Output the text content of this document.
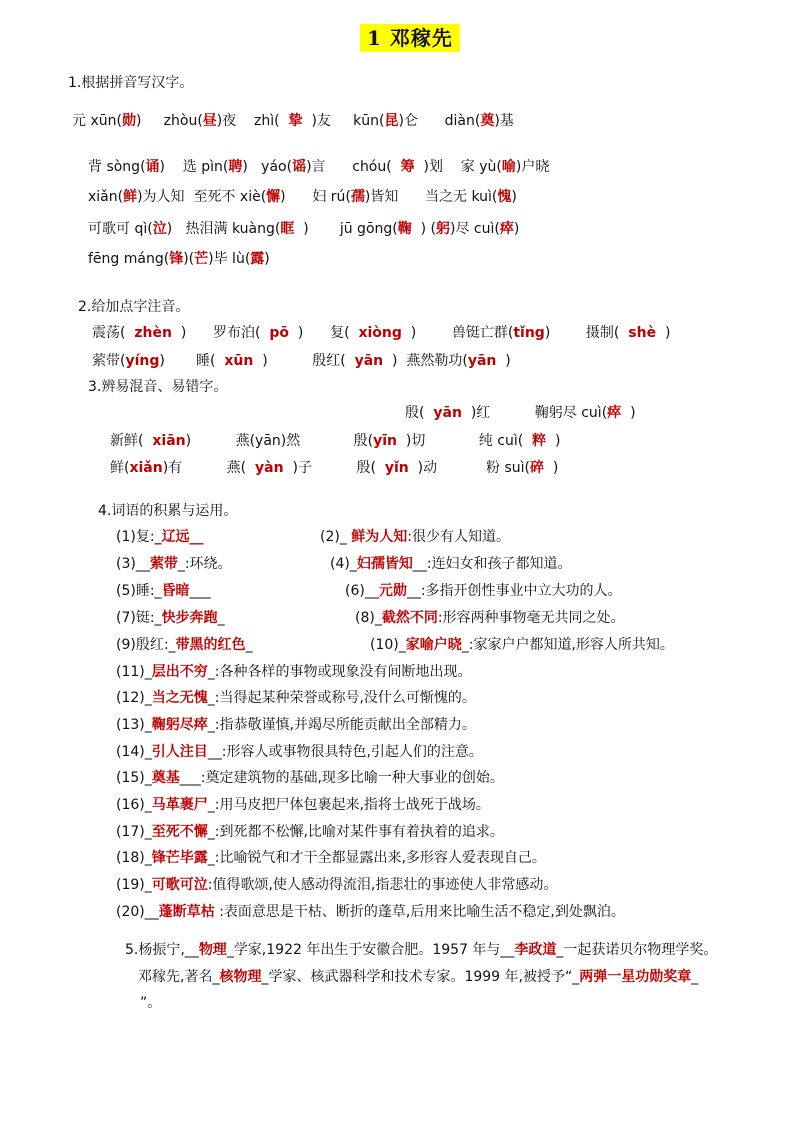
1 邓稼先
1.根据拼音写汉字。
元 xūn(勋)     zhòu(昼)夜    zhì(  挚  )友     kūn(昆)仑      diàn(奠)基
背 sòng(诵)    选 pìn(聘)   yáo(谣)言      chóu(  筹  )划    家 yù(喻)户晓
xiǎn(鲜)为人知  至死不 xiè(懈)      妇 rú(孺)皆知      当之无 kuì(愧)
可歌可 qì(泣)   热泪满 kuàng(眶  )       jū gōng(鞠  ) (躬)尽 cuì(瘁)
fēng máng(锋)(芒)毕 lù(露)
2.给加点字注音。
震荡(  zhèn  )      罗布泊(  pō  )      复(  xiòng  )        兽铤亡群(tǐng)        摄制(  shè  )
萦带(yíng)       睡(  xūn  )          殷红(  yān  )  燕然勒功(yān  )
3.辨易混音、易错字。
殷(  yān  )红          鞠躬尽 cuì(瘁  )
新鲜(  xiān)          燕(yān)然            殷(yīn  )切            纯 cuì(  粹  )
鲜(xiǎn)有          燕(  yàn  )子          殷(  yǐn  )动           粉 suì(碎  )
4.词语的积累与运用。
(1)复:_辽远__	(2)_ 鲜为人知:很少有人知道。
(3)__萦带_:环绕。	(4)_妇孺皆知__:连妇女和孩子都知道。
(5)睡:_昏暗___	(6)__元勋__:多指开创性事业中立大功的人。
(7)铤:_快步奔跑_	(8)_截然不同:形容两种事物毫无共同之处。
(9)殷红:_带黑的红色_	(10)_家喻户晓_:家家户户都知道,形容人所共知。
(11)_层出不穷_:各种各样的事物或现象没有间断地出现。
(12)_当之无愧_:当得起某种荣誉或称号,没什么可惭愧的。
(13)_鞠躬尽瘁_:指恭敬谨慎,并竭尽所能贡献出全部精力。
(14)_引人注目__:形容人或事物很具特色,引起人们的注意。
(15)_奠基___:奠定建筑物的基础,现多比喻一种大事业的创始。
(16)_马革裹尸_:用马皮把尸体包裹起来,指将士战死于战场。
(17)_至死不懈_:到死都不松懈,比喻对某件事有着执着的追求。
(18)_锋芒毕露_:比喻锐气和才干全都显露出来,多形容人爱表现自己。
(19)_可歌可泣:值得歌颂,使人感动得流泪,指悲壮的事迹使人非常感动。
(20)__蓬断草枯 :表面意思是干枯、断折的蓬草,后用来比喻生活不稳定,到处飘泊。
5.杨振宁,__物理_学家,1922 年出生于安徽合肥。1957 年与__李政道_一起获诺贝尔物理学奖。
邓稼先,著名_核物理_学家、核武器科学和技术专家。1999 年,被授予“_两弹一星功勋奖章_
”。
